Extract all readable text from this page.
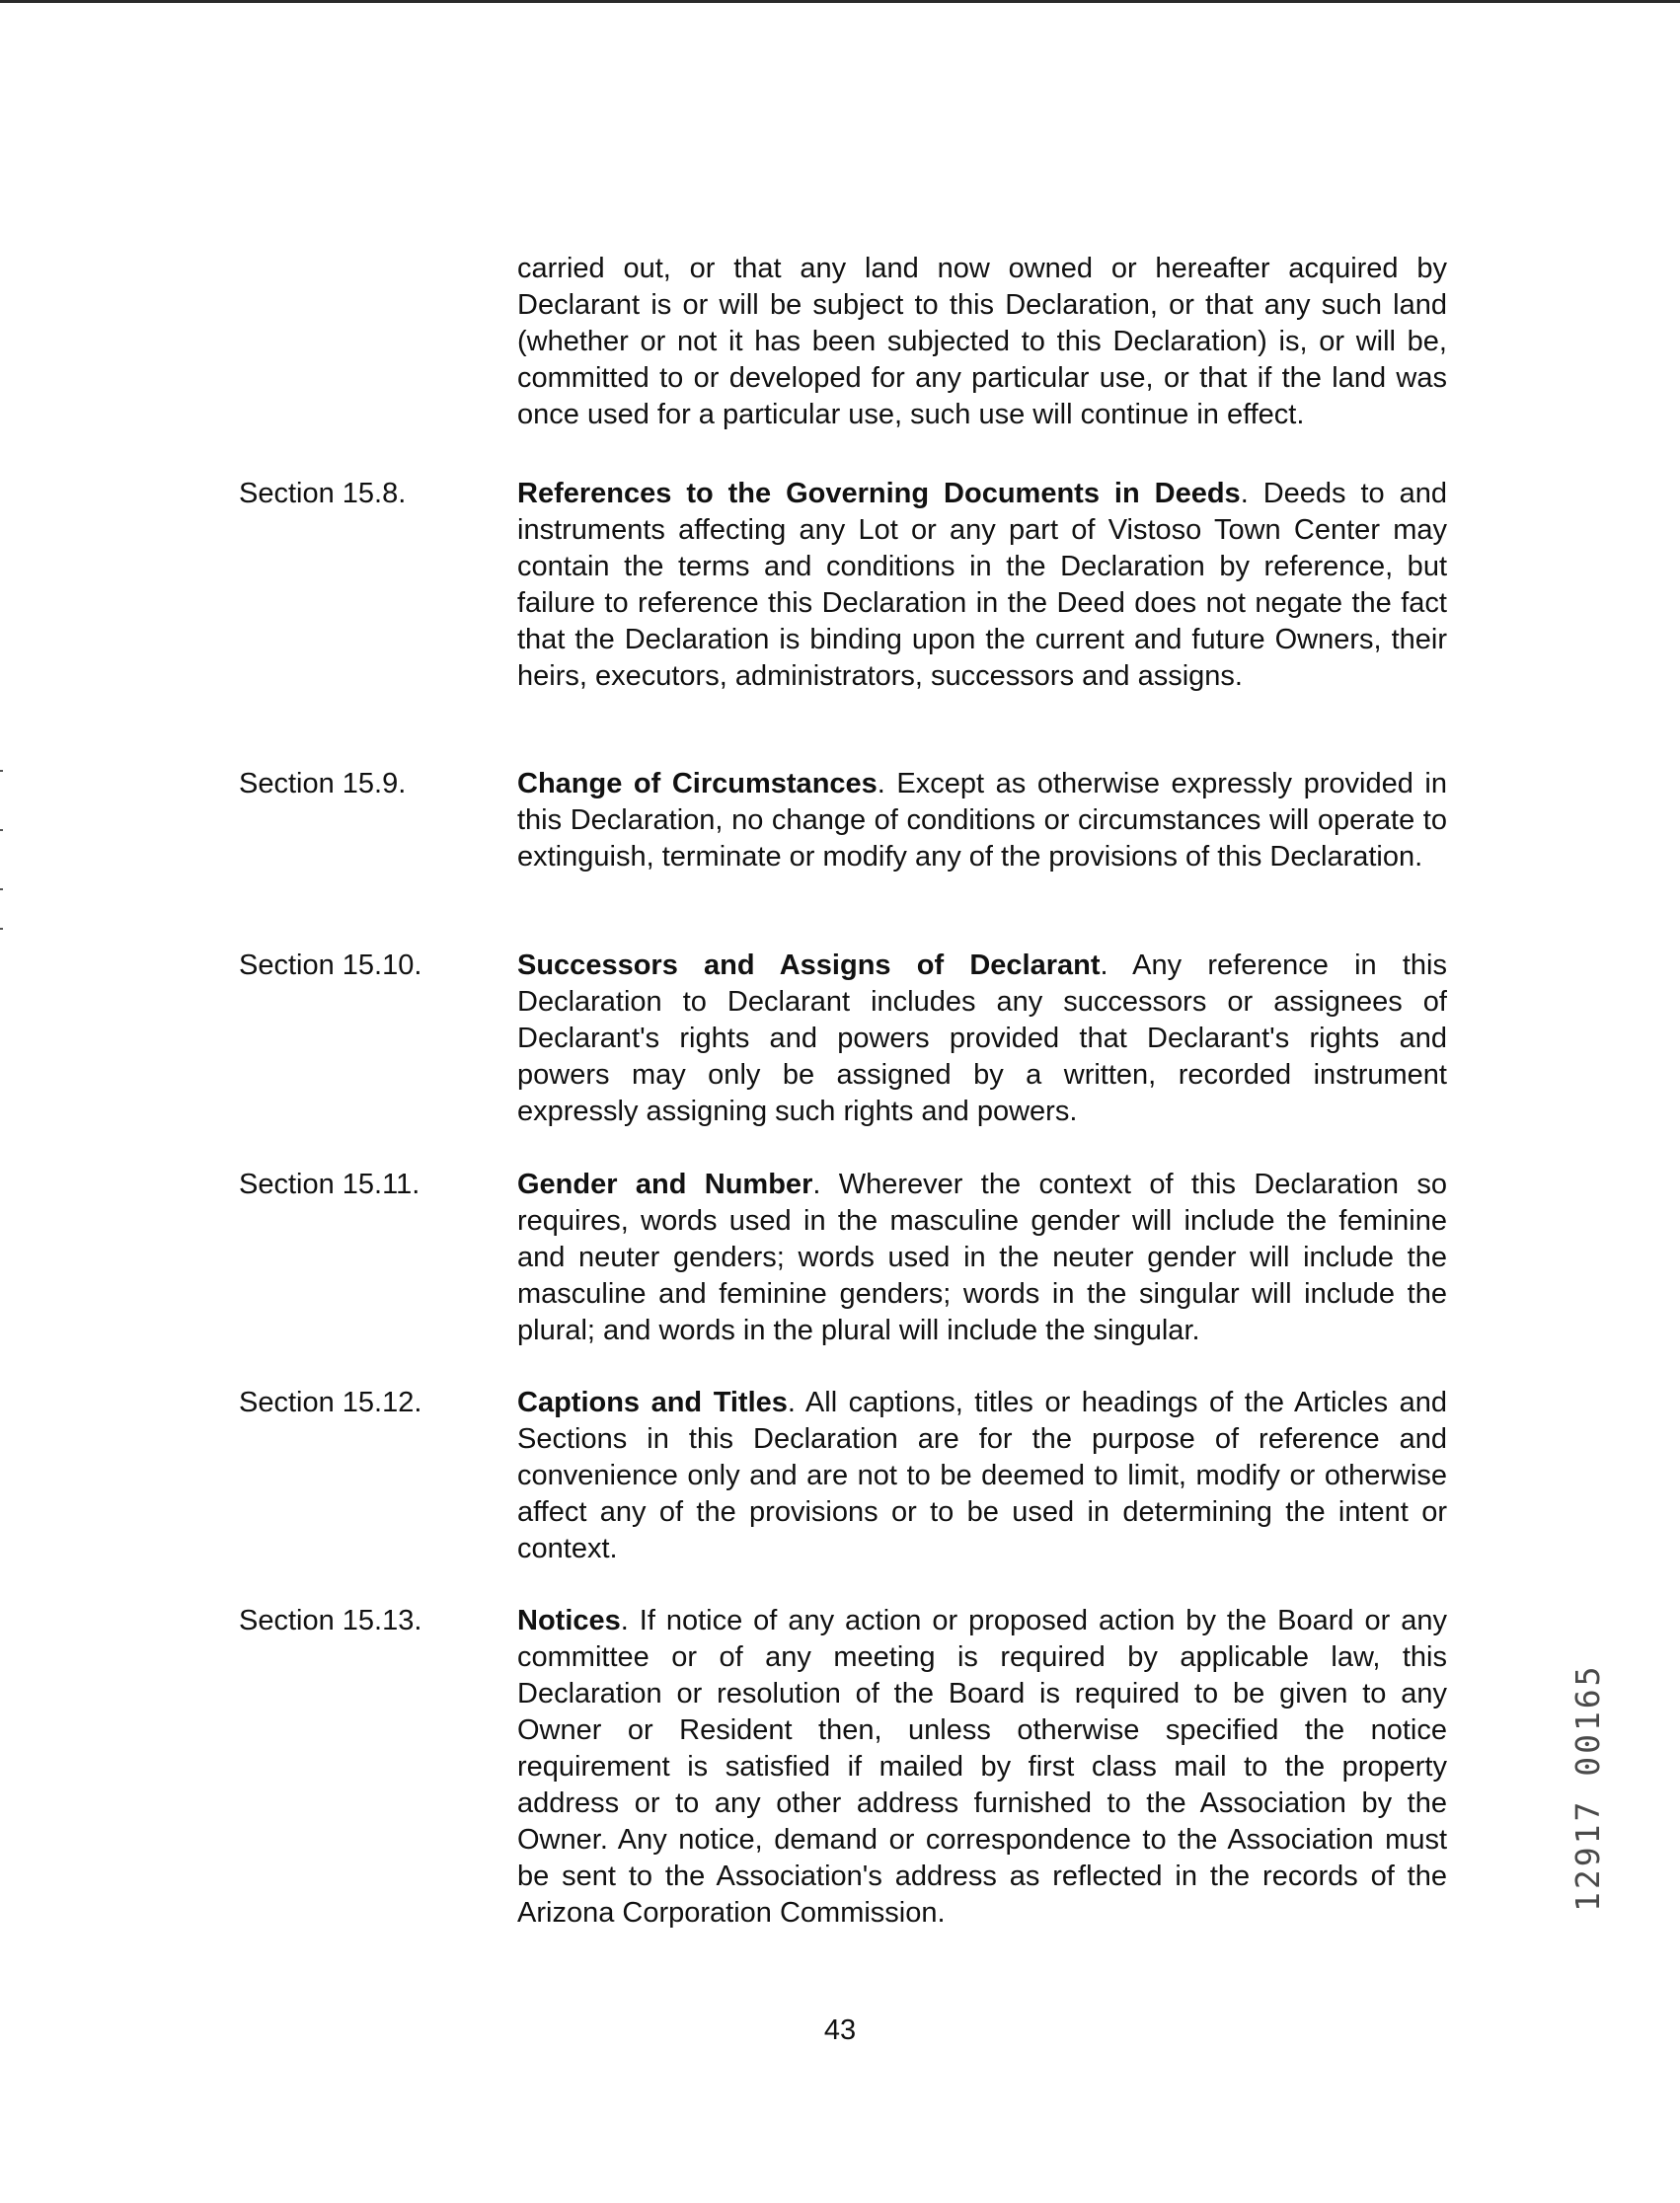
carried out, or that any land now owned or hereafter acquired by Declarant is or will be subject to this Declaration, or that any such land (whether or not it has been subjected to this Declaration) is, or will be, committed to or developed for any particular use, or that if the land was once used for a particular use, such use will continue in effect.
Section 15.8.	References to the Governing Documents in Deeds. Deeds to and instruments affecting any Lot or any part of Vistoso Town Center may contain the terms and conditions in the Declaration by reference, but failure to reference this Declaration in the Deed does not negate the fact that the Declaration is binding upon the current and future Owners, their heirs, executors, administrators, successors and assigns.
Section 15.9.	Change of Circumstances. Except as otherwise expressly provided in this Declaration, no change of conditions or circumstances will operate to extinguish, terminate or modify any of the provisions of this Declaration.
Section 15.10.	Successors and Assigns of Declarant. Any reference in this Declaration to Declarant includes any successors or assignees of Declarant's rights and powers provided that Declarant's rights and powers may only be assigned by a written, recorded instrument expressly assigning such rights and powers.
Section 15.11.	Gender and Number. Wherever the context of this Declaration so requires, words used in the masculine gender will include the feminine and neuter genders; words used in the neuter gender will include the masculine and feminine genders; words in the singular will include the plural; and words in the plural will include the singular.
Section 15.12.	Captions and Titles. All captions, titles or headings of the Articles and Sections in this Declaration are for the purpose of reference and convenience only and are not to be deemed to limit, modify or otherwise affect any of the provisions or to be used in determining the intent or context.
Section 15.13.	Notices. If notice of any action or proposed action by the Board or any committee or of any meeting is required by applicable law, this Declaration or resolution of the Board is required to be given to any Owner or Resident then, unless otherwise specified the notice requirement is satisfied if mailed by first class mail to the property address or to any other address furnished to the Association by the Owner. Any notice, demand or correspondence to the Association must be sent to the Association's address as reflected in the records of the Arizona Corporation Commission.
43
12917 00165
